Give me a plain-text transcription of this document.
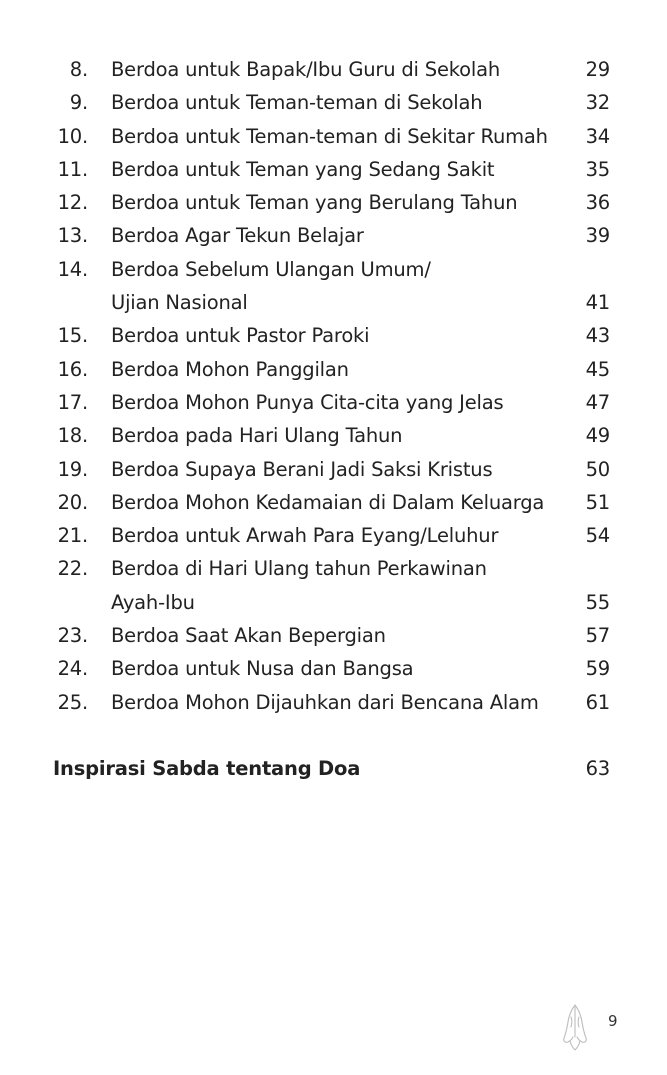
8. Berdoa untuk Bapak/Ibu Guru di Sekolah	29
9. Berdoa untuk Teman-teman di Sekolah	32
10. Berdoa untuk Teman-teman di Sekitar Rumah 34
11. Berdoa untuk Teman yang Sedang Sakit	35
12. Berdoa untuk Teman yang Berulang Tahun	36
13. Berdoa Agar Tekun Belajar	39
14. Berdoa Sebelum Ulangan Umum/
Ujian Nasional	41
15. Berdoa untuk Pastor Paroki	43
16. Berdoa Mohon Panggilan	45
17. Berdoa Mohon Punya Cita-cita yang Jelas	47
18. Berdoa pada Hari Ulang Tahun	49
19. Berdoa Supaya Berani Jadi Saksi Kristus	50
20. Berdoa Mohon Kedamaian di Dalam Keluarga 51
21. Berdoa untuk Arwah Para Eyang/Leluhur	54
22. Berdoa di Hari Ulang tahun Perkawinan
Ayah-Ibu	55
23. Berdoa Saat Akan Bepergian	57
24. Berdoa untuk Nusa dan Bangsa	59
25. Berdoa Mohon Dijauhkan dari Bencana Alam 61
Inspirasi Sabda tentang Doa	63
9
